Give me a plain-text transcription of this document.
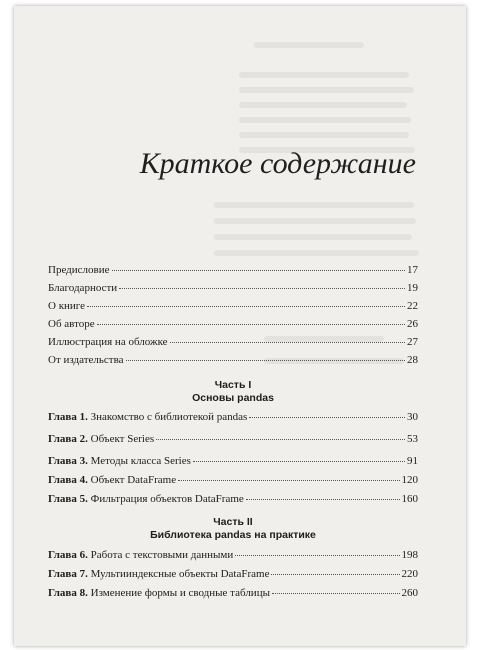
Краткое содержание
Предисловие	17
Благодарности	19
О книге	22
Об авторе	26
Иллюстрация на обложке	27
От издательства	28
Часть I
Основы pandas
Глава 1. Знакомство с библиотекой pandas	30
Глава 2. Объект Series	53
Глава 3. Методы класса Series	91
Глава 4. Объект DataFrame	120
Глава 5. Фильтрация объектов DataFrame	160
Часть II
Библиотека pandas на практике
Глава 6. Работа с текстовыми данными	198
Глава 7. Мультииндексные объекты DataFrame	220
Глава 8. Изменение формы и сводные таблицы	260
